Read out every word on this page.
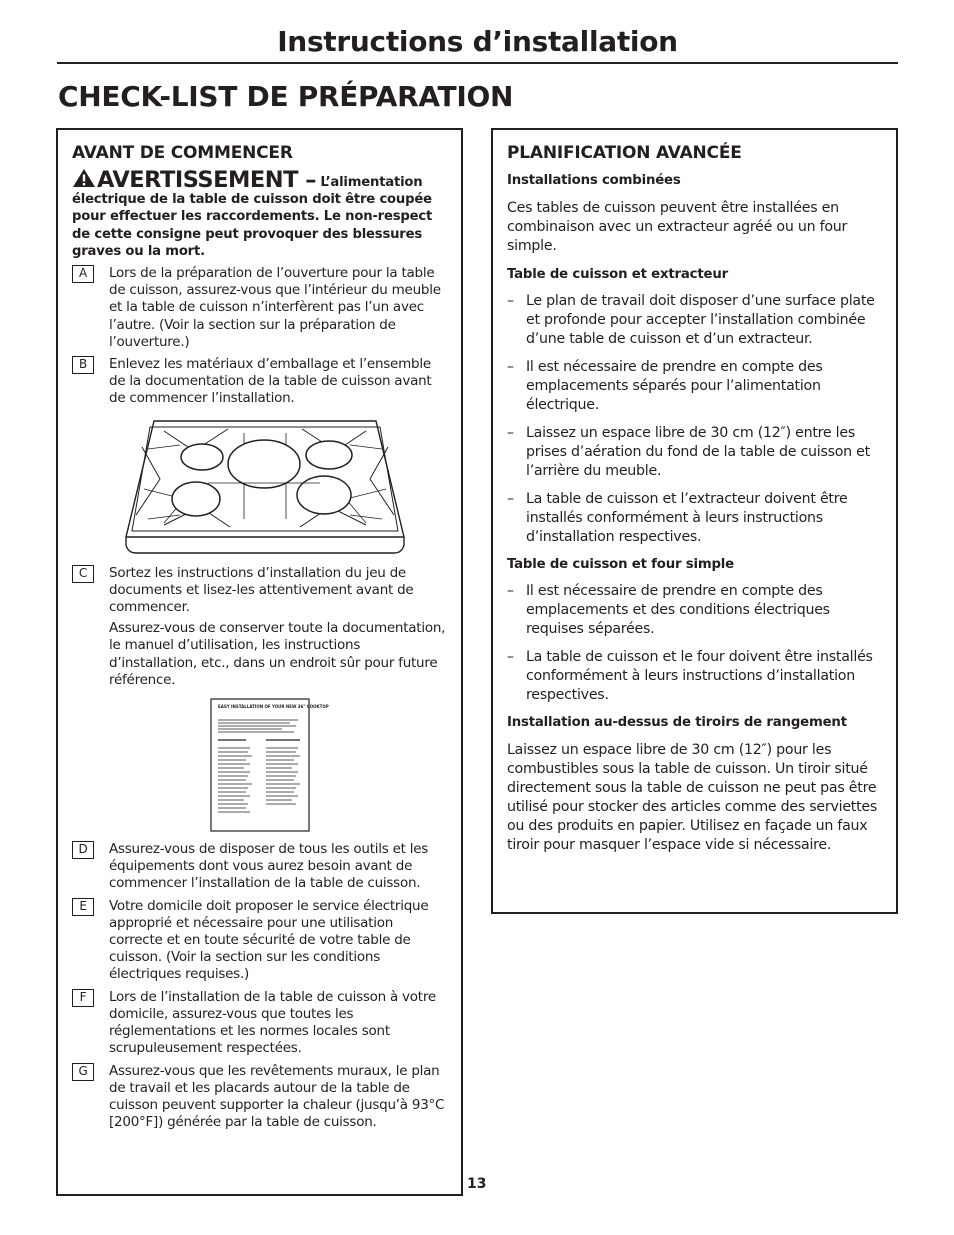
Instructions d’installation
CHECK-LIST DE PRÉPARATION
AVANT DE COMMENCER
AVERTISSEMENT – L’alimentation électrique de la table de cuisson doit être coupée pour effectuer les raccordements. Le non-respect de cette consigne peut provoquer des blessures graves ou la mort.
A	Lors de la préparation de l’ouverture pour la table de cuisson, assurez-vous que l’intérieur du meuble et la table de cuisson n’interfèrent pas l’un avec l’autre. (Voir la section sur la préparation de l’ouverture.)

B	Enlevez les matériaux d’emballage et l’ensemble de la documentation de la table de cuisson avant de commencer l’installation.

C	Sortez les instructions d’installation du jeu de documents et lisez-les attentivement avant de commencer.

Assurez-vous de conserver toute la documentation, le manuel d’utilisation, les instructions d’installation, etc., dans un endroit sûr pour future référence.

EASY INSTALLATION OF YOUR NEW 36" COOKTOP
D	Assurez-vous de disposer de tous les outils et les équipements dont vous aurez besoin avant de commencer l’installation de la table de cuisson.

E	Votre domicile doit proposer le service électrique approprié et nécessaire pour une utilisation correcte et en toute sécurité de votre table de cuisson. (Voir la section sur les conditions électriques requises.)

F	Lors de l’installation de la table de cuisson à votre domicile, assurez-vous que toutes les réglementations et les normes locales sont scrupuleusement respectées.

G	Assurez-vous que les revêtements muraux, le plan de travail et les placards autour de la table de cuisson peuvent supporter la chaleur (jusqu’à 93°C [200°F]) générée par la table de cuisson.

PLANIFICATION AVANCÉE
Installations combinées

Ces tables de cuisson peuvent être installées en combinaison avec un extracteur agréé ou un four simple.

Table de cuisson et extracteur
– Le plan de travail doit disposer d’une surface plate et profonde pour accepter l’installation combinée d’une table de cuisson et d’un extracteur.
– Il est nécessaire de prendre en compte des emplacements séparés pour l’alimentation électrique.
– Laissez un espace libre de 30 cm (12″) entre les prises d’aération du fond de la table de cuisson et l’arrière du meuble.
– La table de cuisson et l’extracteur doivent être installés conformément à leurs instructions d’installation respectives.
Table de cuisson et four simple
– Il est nécessaire de prendre en compte des emplacements et des conditions électriques requises séparées.
– La table de cuisson et le four doivent être installés conformément à leurs instructions d’installation respectives.
Installation au-dessus de tiroirs de rangement

Laissez un espace libre de 30 cm (12″) pour les combustibles sous la table de cuisson. Un tiroir situé directement sous la table de cuisson ne peut pas être utilisé pour stocker des articles comme des serviettes ou des produits en papier. Utilisez en façade un faux tiroir pour masquer l’espace vide si nécessaire.

13
